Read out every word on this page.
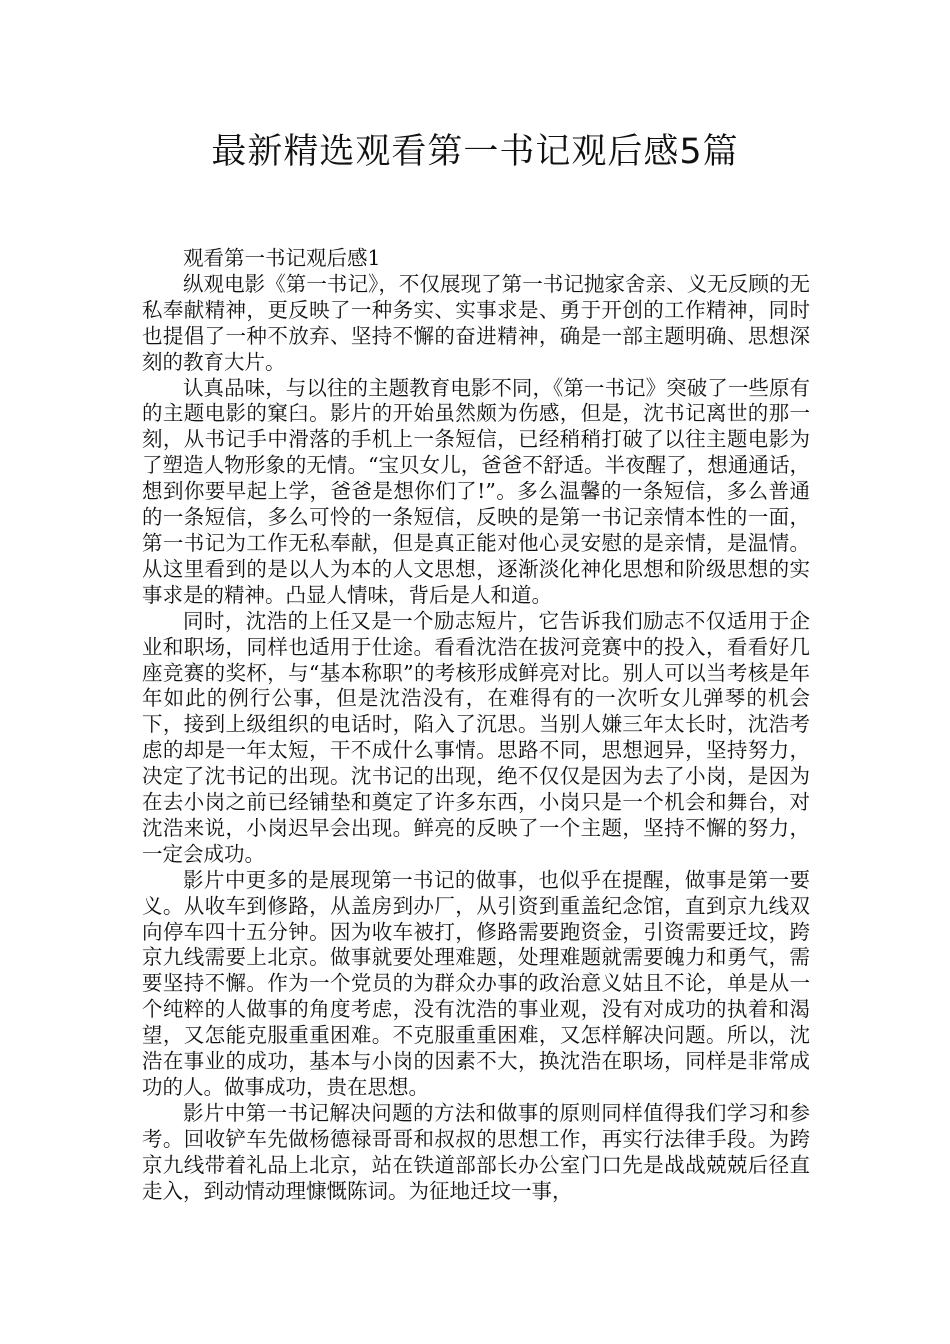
最新精选观看第一书记观后感5篇

观看第一书记观后感1

纵观电影《第一书记》，不仅展现了第一书记抛家舍亲、义无反顾的无私奉献精神，更反映了一种务实、实事求是、勇于开创的工作精神，同时也提倡了一种不放弃、坚持不懈的奋进精神，确是一部主题明确、思想深刻的教育大片。

认真品味，与以往的主题教育电影不同，《第一书记》突破了一些原有的主题电影的窠臼。影片的开始虽然颇为伤感，但是，沈书记离世的那一刻，从书记手中滑落的手机上一条短信，已经稍稍打破了以往主题电影为了塑造人物形象的无情。“宝贝女儿，爸爸不舒适。半夜醒了，想通通话，想到你要早起上学，爸爸是想你们了!”。多么温馨的一条短信，多么普通的一条短信，多么可怜的一条短信，反映的是第一书记亲情本性的一面，第一书记为工作无私奉献，但是真正能对他心灵安慰的是亲情，是温情。从这里看到的是以人为本的人文思想，逐渐淡化神化思想和阶级思想的实事求是的精神。凸显人情味，背后是人和道。

同时，沈浩的上任又是一个励志短片，它告诉我们励志不仅适用于企业和职场，同样也适用于仕途。看看沈浩在拔河竞赛中的投入，看看好几座竞赛的奖杯，与“基本称职”的考核形成鲜亮对比。别人可以当考核是年年如此的例行公事，但是沈浩没有，在难得有的一次听女儿弹琴的机会下，接到上级组织的电话时，陷入了沉思。当别人嫌三年太长时，沈浩考虑的却是一年太短，干不成什么事情。思路不同，思想迥异，坚持努力，决定了沈书记的出现。沈书记的出现，绝不仅仅是因为去了小岗，是因为在去小岗之前已经铺垫和奠定了许多东西，小岗只是一个机会和舞台，对沈浩来说，小岗迟早会出现。鲜亮的反映了一个主题，坚持不懈的努力，一定会成功。

影片中更多的是展现第一书记的做事，也似乎在提醒，做事是第一要义。从收车到修路，从盖房到办厂，从引资到重盖纪念馆，直到京九线双向停车四十五分钟。因为收车被打，修路需要跑资金，引资需要迁坟，跨京九线需要上北京。做事就要处理难题，处理难题就需要魄力和勇气，需要坚持不懈。作为一个党员的为群众办事的政治意义姑且不论，单是从一个纯粹的人做事的角度考虑，没有沈浩的事业观，没有对成功的执着和渴望，又怎能克服重重困难。不克服重重困难，又怎样解决问题。所以，沈浩在事业的成功，基本与小岗的因素不大，换沈浩在职场，同样是非常成功的人。做事成功，贵在思想。

影片中第一书记解决问题的方法和做事的原则同样值得我们学习和参考。回收铲车先做杨德禄哥哥和叔叔的思想工作，再实行法律手段。为跨京九线带着礼品上北京，站在铁道部部长办公室门口先是战战兢兢后径直走入，到动情动理慷慨陈词。为征地迁坟一事，
